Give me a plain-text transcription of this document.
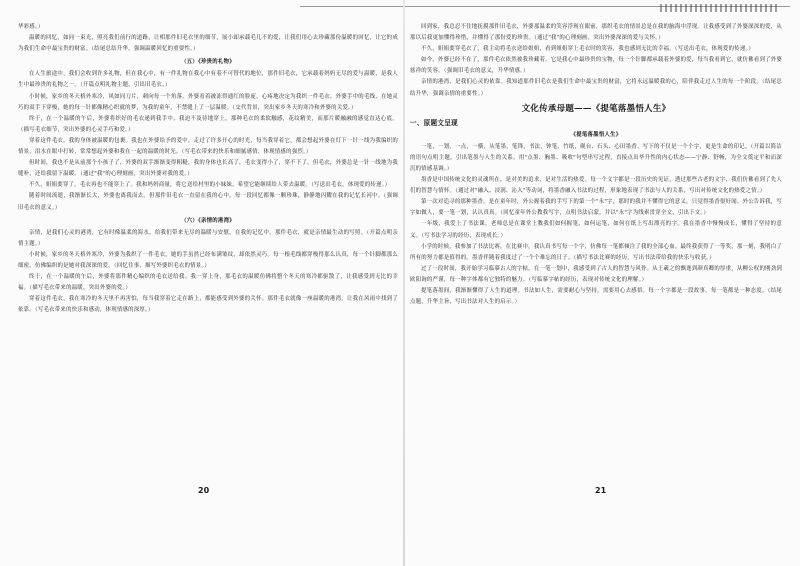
华彩感。）
温暖的回忆，如同一束光，照亮我们前行的道路，让相那件旧毛衣里的细节，展小却承载毛几不的爱，让我们用心去珍藏那份温暖的回忆，让它的成为我们生命中最宝贵的财富。（结尾总结升华，强调温暖回忆的重要性。）
（五）《珍贵的礼物》
在人生旅途中，我们会收到许多礼物，但在我心中，有一件礼物在我心中有着不可替代的地位，那件旧毛衣，它承载着妈妈无尽的爱与温暖，是我人生中最珍贵的礼物之一。（开篇点明礼物主题，引出旧毛衣。）
小时候，家乡的冬天格外寒冷，风如同刀片，刺向每一个角落。外婆看着被冻得通红的脸庞，心疼地决定为我织一件毛衣。外婆手中的毛线，在她灵巧的双手下穿梭，她的每一针都像精心织就的梦，为我的童年，不禁缝上了一层温暖。（交代背景，突出家乡冬天的寒冷和外婆的关爱。）
终于，在一个温暖的午后，外婆将织好的毛衣递到我手中。我迫不及待地穿上，那种毛衣的柔软触感，花纹精美，而那片暖融融的感觉直达心底。（描写毛衣细节，突出外婆的心灵手巧和爱。）
穿着这件毛衣，我的身体被温暖的包裹。我也在外婆给予的爱中，走过了许多开心的时光，每当我穿着它，都会想起外婆在灯下一针一线为我编织的情景，泪水在眼中打转，常常想起外婆和我在一起的温暖的时光。（写毛衣带来的快乐和细腻感情，体现情感的强烈。）
但时间，我也不是从前那个小孩子了，外婆的双手渐渐变得粗糙，我的身体也长高了，毛衣变得小了，穿不下了。但毛衣，外婆总是一针一线地为我缝补，还给我留下温暖。（通过"我"的心理刻画，突出外婆对我的爱。）
不久，姐姐要穿了，毛衣再也不能穿上了。我和妈妈商量，将它送给村里的小妹妹，希望它能继续给人带去温暖。（写送出毛衣，体现爱的传递。）
随着时间流逝，我渐渐长大，外婆也离我而去。但那件旧毛衣一直留在我的心中，每一段回忆都像一颗珍珠，静静地闪耀在我的记忆长河中。（强调旧毛衣的意义。）
（六）《亲情的港湾》
亲情，是我们心灵的港湾，它有时像温柔的海水，给我们带来无尽的温暖与安慰。在我的记忆中，那件毛衣，就是亲情最生动的写照。（开篇点明亲情主题。）
小时候，家乡的冬天格外寒冷，外婆为我织了一件毛衣。她的手虽然已经布满皱纹，却依然灵巧。每一根毛线都穿梭得那么认真，每一个针脚都那么细密，仿佛编织的是她对我深深的爱。（回忆往事，描写外婆织毛衣的情景。）
终于，在一个温暖的午后，外婆将那件精心编织的毛衣送给我。我一穿上身，那毛衣的温暖仿佛将整个冬天的寒冷都驱散了，让我感受到无比的幸福。（描写毛衣带来的温暖，突出外婆的爱。）
穿着这件毛衣，我在寒冷的冬天里不再害怕，每当我穿着它走在路上，都能感受到外婆的关怀。那件毛衣就像一座温暖的港湾，让我在风雨中找到了依靠。（写毛衣带来的快乐和感动，体现情感的深厚。）
回到家，我总忍不住地抚摸那件旧毛衣，外婆那温柔的笑容浮现在眼前，那织毛衣的情景总是在我的脑海中浮现。让我感受到了外婆深深的爱，从那以后我更加懂得珍惜，并懂得了那份爱的珍贵。（通过"我"的心理刻画，突出外婆深深的爱与关怀。）
不久，姐姐要穿毛衣了，我主动将毛衣送给姐姐，看到姐姐穿上毛衣时的笑容，我也感到无比的幸福。（写送出毛衣，体现爱的传递。）
如今，外婆已经不在了，那件毛衣依然被我珍藏着。它是我心中最珍贵的宝物，每一个针脚都承载着外婆的爱，每当我看到它，就仿佛看到了外婆慈祥的笑容。（强调旧毛衣的意义，升华情感。）
亲情的港湾，是我们心灵的依靠。我知道那件旧毛衣是我们生命中最宝贵的财富，它将永远温暖我的心，陪伴我走过人生的每一个阶段。（结尾总结升华，强调亲情的重要性。）
文化传承母题——《提笔落墨悟人生》
一、原题文呈现
《提笔落墨悟人生》
一笔，一划，一点，一横，从笔墨，笔锋，书法，钟笔，竹纸，砚台、石头、心田墨香、写下的不仅是一个个字，更是生命的印记。（开篇以简洁的语句点明主题，引出笔墨与人生的关系。用"点墨、胸墨、吸收"句型串写过程，直接点出毕升性的内心状态——宁静、舒畅，为全文奠定平和而深沉的情感基调。）
墨香是中国传统文化的灵魂所在，是对美的追求，是对生活的热爱。每一个文字都是一段历史的见证，透过那些古老的文字，我们仿佛看到了先人们的智慧与情怀。（通过对"融入、浸润、沁入"等动词，将墨香融入书法的过程，形象地表现了书法与人的关系，写出对传统文化的热爱之情。）
第一次对追寻的那种墨香，是在童年时，外公握着我的手写下的第一个"永"字，那时的我并不懂得它的意义，只觉得墨香很好闻。外公告诉我，写字如做人，要一笔一划，认认真真。（回忆童年外公教我写字，点明书法启蒙，并以"永"字为线索贯穿全文，引出下文。）
一年级，我爱上了书法课。老师总是在课堂上教我们如何握笔，如何运笔，如何在纸上写出漂亮的字。我在墨香中慢慢成长，懂得了坚持的意义。（写书法学习的经历，表现成长。）
小学的时候，我参加了书法比赛。在比赛中，我认真书写每一个字，仿佛每一笔都倾注了我的全部心血。最终我获得了一等奖，那一刻，我明白了所有的努力都是值得的。墨香伴随着我度过了一个个难忘的日子。（描写书法比赛的经历，写出书法带给我的快乐与收获。）
过了一段时间，我开始学习临摹古人的字帖，在一笔一划中，我感受到了古人的智慧与风骨。从王羲之的飘逸到颜真卿的厚重，从柳公权的刚劲到欧阳询的严谨，每一种字体都有它独特的魅力。（写临摹字帖的经历，表现对传统文化的理解。）
提笔落墨间，我渐渐懂得了人生的道理。书法如人生，需要耐心与坚持，需要用心去感悟。每一个字都是一段故事，每一笔都是一种态度。（结尾点题，升华主旨，写出书法对人生的启示。）
20	21
